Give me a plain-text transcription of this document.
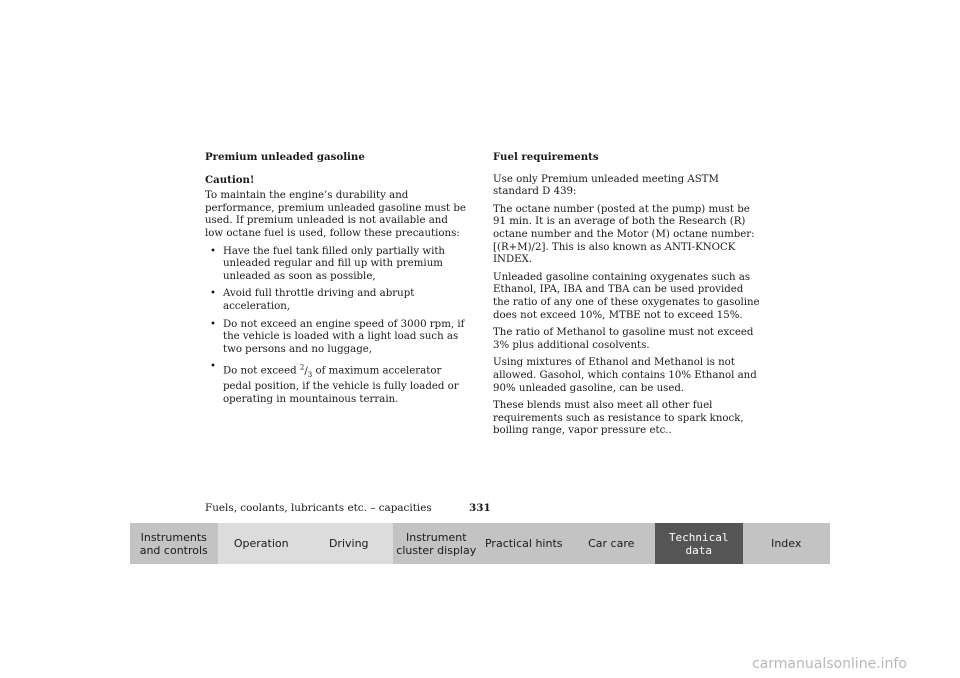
Premium unleaded gasoline
Caution!

To maintain the engine’s durability and performance, premium unleaded gasoline must be used. If premium unleaded is not available and low octane fuel is used, follow these precautions:

• Have the fuel tank filled only partially with unleaded regular and fill up with premium unleaded as soon as possible,
• Avoid full throttle driving and abrupt acceleration,
• Do not exceed an engine speed of 3000 rpm, if the vehicle is loaded with a light load such as two persons and no luggage,
• Do not exceed $^2/_3$ of maximum accelerator pedal position, if the vehicle is fully loaded or operating in mountainous terrain.
Fuel requirements

Use only Premium unleaded meeting ASTM standard D 439:

The octane number (posted at the pump) must be 91 min. It is an average of both the Research (R) octane number and the Motor (M) octane number: [(R+M)/2]. This is also known as ANTI-KNOCK INDEX.

Unleaded gasoline containing oxygenates such as Ethanol, IPA, IBA and TBA can be used provided the ratio of any one of these oxygenates to gasoline does not exceed 10%, MTBE not to exceed 15%.

The ratio of Methanol to gasoline must not exceed 3% plus additional cosolvents.

Using mixtures of Ethanol and Methanol is not allowed. Gasohol, which contains 10% Ethanol and 90% unleaded gasoline, can be used.

These blends must also meet all other fuel requirements such as resistance to spark knock, boiling range, vapor pressure etc..

Fuels, coolants, lubricants etc. – capacities	331
Instruments
and controls Operation	Driving	Instrument
cluster display Practical hints Car care	Technical
data	Index
carmanualsonline.info
